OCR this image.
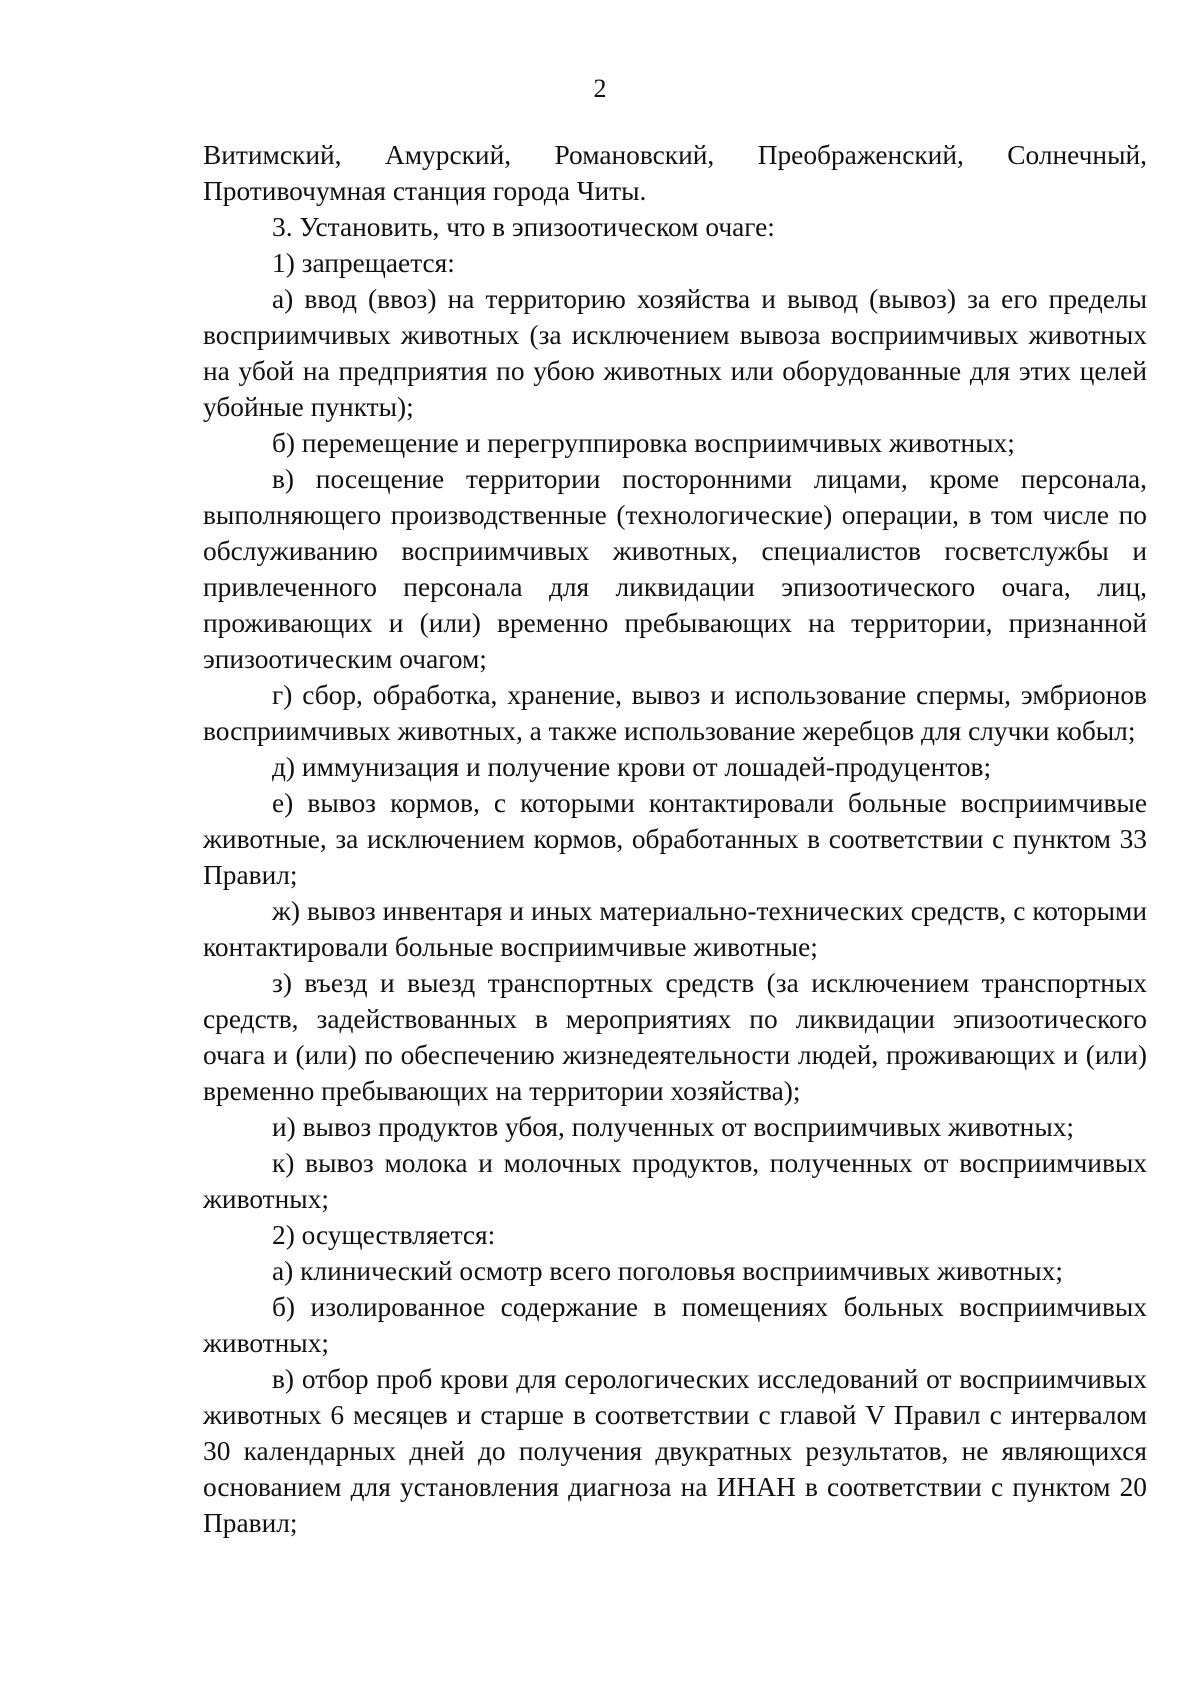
2

Витимский, Амурский, Романовский, Преображенский, Солнечный, Противочумная станция города Читы.

3. Установить, что в эпизоотическом очаге:

1) запрещается:

а) ввод (ввоз) на территорию хозяйства и вывод (вывоз) за его пределы восприимчивых животных (за исключением вывоза восприимчивых животных на убой на предприятия по убою животных или оборудованные для этих целей убойные пункты);

б) перемещение и перегруппировка восприимчивых животных;

в) посещение территории посторонними лицами, кроме персонала, выполняющего производственные (технологические) операции, в том числе по обслуживанию восприимчивых животных, специалистов госветслужбы и привлеченного персонала для ликвидации эпизоотического очага, лиц, проживающих и (или) временно пребывающих на территории, признанной эпизоотическим очагом;

г) сбор, обработка, хранение, вывоз и использование спермы, эмбрионов восприимчивых животных, а также использование жеребцов для случки кобыл;

д) иммунизация и получение крови от лошадей-продуцентов;

е) вывоз кормов, с которыми контактировали больные восприимчивые животные, за исключением кормов, обработанных в соответствии с пунктом 33 Правил;

ж) вывоз инвентаря и иных материально-технических средств, с которыми контактировали больные восприимчивые животные;

з) въезд и выезд транспортных средств (за исключением транспортных средств, задействованных в мероприятиях по ликвидации эпизоотического очага и (или) по обеспечению жизнедеятельности людей, проживающих и (или) временно пребывающих на территории хозяйства);

и) вывоз продуктов убоя, полученных от восприимчивых животных;

к) вывоз молока и молочных продуктов, полученных от восприимчивых животных;

2) осуществляется:

а) клинический осмотр всего поголовья восприимчивых животных;

б) изолированное содержание в помещениях больных восприимчивых животных;

в) отбор проб крови для серологических исследований от восприимчивых животных 6 месяцев и старше в соответствии с главой V Правил с интервалом 30 календарных дней до получения двукратных результатов, не являющихся основанием для установления диагноза на ИНАН в соответствии с пунктом 20 Правил;
